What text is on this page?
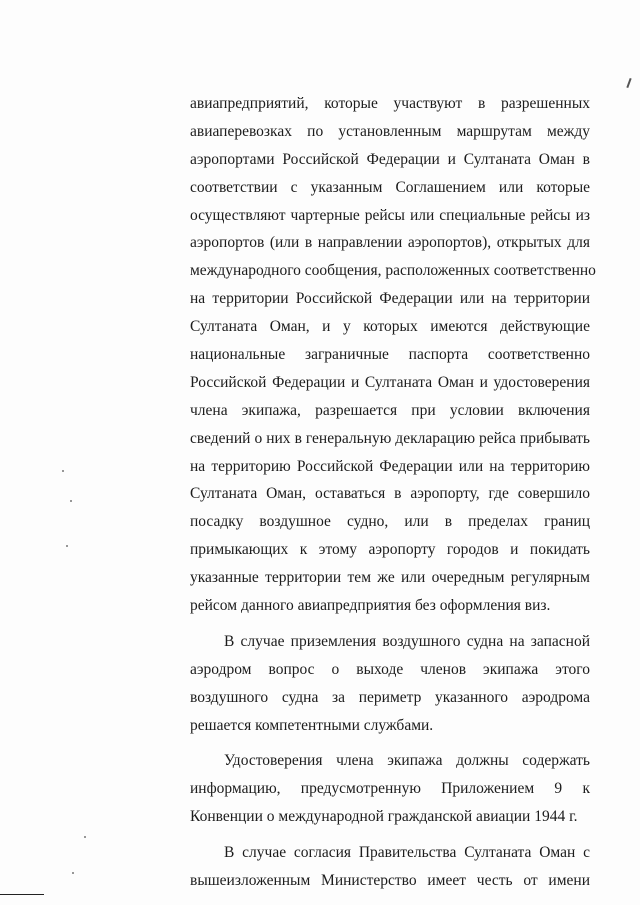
авиапредприятий, которые участвуют в разрешенных
авиаперевозках по установленным маршрутам между
аэропортами Российской Федерации и Султаната Оман в
соответствии с указанным Соглашением или которые
осуществляют чартерные рейсы или специальные рейсы из
аэропортов (или в направлении аэропортов), открытых для
международного сообщения, расположенных соответственно
на территории Российской Федерации или на территории
Султаната Оман, и у которых имеются действующие
национальные заграничные паспорта соответственно
Российской Федерации и Султаната Оман и удостоверения
члена экипажа, разрешается при условии включения
сведений о них в генеральную декларацию рейса прибывать
на территорию Российской Федерации или на территорию
Султаната Оман, оставаться в аэропорту, где совершило
посадку воздушное судно, или в пределах границ
примыкающих к этому аэропорту городов и покидать
указанные территории тем же или очередным регулярным
рейсом данного авиапредприятия без оформления виз.
В случае приземления воздушного судна на запасной
аэродром вопрос о выходе членов экипажа этого
воздушного судна за периметр указанного аэродрома
решается компетентными службами.
Удостоверения члена экипажа должны содержать
информацию, предусмотренную Приложением 9 к
Конвенции о международной гражданской авиации 1944 г.
В случае согласия Правительства Султаната Оман с
вышеизложенным Министерство имеет честь от имени
